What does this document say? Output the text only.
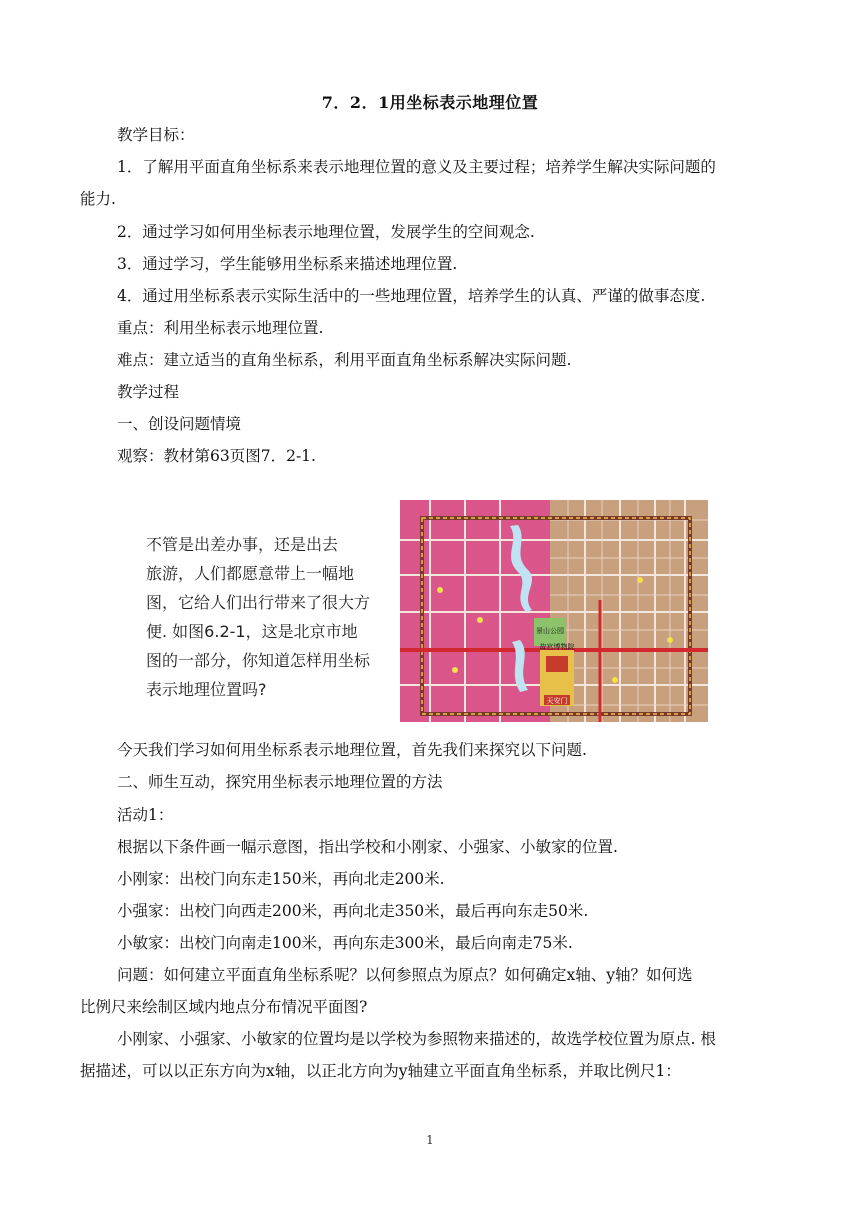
7．2．1用坐标表示地理位置
教学目标：
1．了解用平面直角坐标系来表示地理位置的意义及主要过程；培养学生解决实际问题的
能力.
2．通过学习如何用坐标表示地理位置，发展学生的空间观念.
3．通过学习，学生能够用坐标系来描述地理位置.
4．通过用坐标系表示实际生活中的一些地理位置，培养学生的认真、严谨的做事态度.
重点：利用坐标表示地理位置.
难点：建立适当的直角坐标系，利用平面直角坐标系解决实际问题.
教学过程
一、创设问题情境
观察：教材第63页图7．2-1.
不管是出差办事，还是出去
旅游，人们都愿意带上一幅地
图，它给人们出行带来了很大方
便. 如图6.2-1，这是北京市地
图的一部分，你知道怎样用坐标
表示地理位置吗?
景山公园
故宫博物院
天安门
今天我们学习如何用坐标系表示地理位置，首先我们来探究以下问题.
二、师生互动，探究用坐标表示地理位置的方法
活动1：
根据以下条件画一幅示意图，指出学校和小刚家、小强家、小敏家的位置.
小刚家：出校门向东走150米，再向北走200米.
小强家：出校门向西走200米，再向北走350米，最后再向东走50米.
小敏家：出校门向南走100米，再向东走300米，最后向南走75米.
问题：如何建立平面直角坐标系呢？以何参照点为原点？如何确定x轴、y轴？如何选
比例尺来绘制区域内地点分布情况平面图?
小刚家、小强家、小敏家的位置均是以学校为参照物来描述的，故选学校位置为原点. 根
据描述，可以以正东方向为x轴，以正北方向为y轴建立平面直角坐标系，并取比例尺1：
1
